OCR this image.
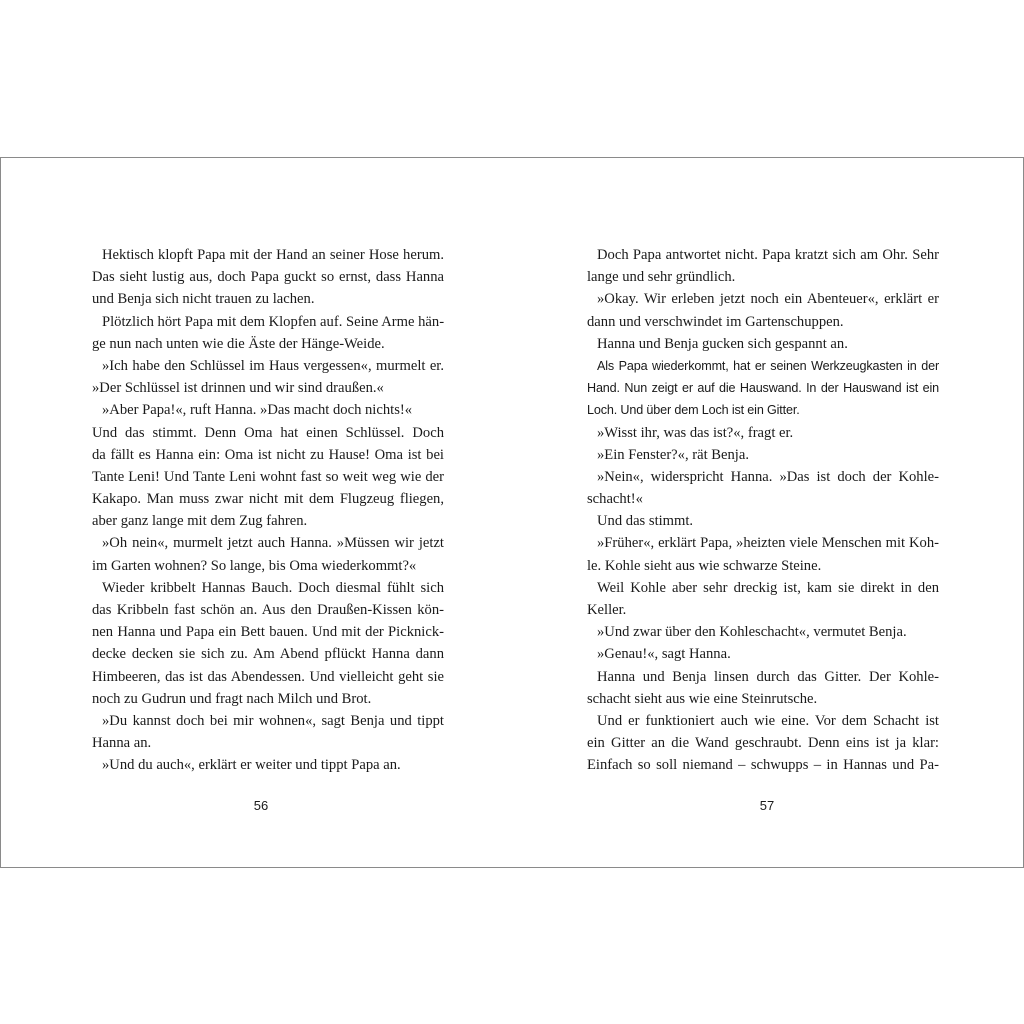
Hektisch klopft Papa mit der Hand an seiner Hose herum.
Das sieht lustig aus, doch Papa guckt so ernst, dass Hanna
und Benja sich nicht trauen zu lachen.
Plötzlich hört Papa mit dem Klopfen auf. Seine Arme hän-
ge nun nach unten wie die Äste der Hänge-Weide.
»Ich habe den Schlüssel im Haus vergessen«, murmelt er.
»Der Schlüssel ist drinnen und wir sind draußen.«
»Aber Papa!«, ruft Hanna. »Das macht doch nichts!«
Und das stimmt. Denn Oma hat einen Schlüssel. Doch
da fällt es Hanna ein: Oma ist nicht zu Hause! Oma ist bei
Tante Leni! Und Tante Leni wohnt fast so weit weg wie der
Kakapo. Man muss zwar nicht mit dem Flugzeug fliegen,
aber ganz lange mit dem Zug fahren.
»Oh nein«, murmelt jetzt auch Hanna. »Müssen wir jetzt
im Garten wohnen? So lange, bis Oma wiederkommt?«
Wieder kribbelt Hannas Bauch. Doch diesmal fühlt sich
das Kribbeln fast schön an. Aus den Draußen-Kissen kön-
nen Hanna und Papa ein Bett bauen. Und mit der Picknick-
decke decken sie sich zu. Am Abend pflückt Hanna dann
Himbeeren, das ist das Abendessen. Und vielleicht geht sie
noch zu Gudrun und fragt nach Milch und Brot.
»Du kannst doch bei mir wohnen«, sagt Benja und tippt
Hanna an.
»Und du auch«, erklärt er weiter und tippt Papa an.
56
Doch Papa antwortet nicht. Papa kratzt sich am Ohr. Sehr
lange und sehr gründlich.
»Okay. Wir erleben jetzt noch ein Abenteuer«, erklärt er
dann und verschwindet im Gartenschuppen.
Hanna und Benja gucken sich gespannt an.
Als Papa wiederkommt, hat er seinen Werkzeugkasten in der
Hand. Nun zeigt er auf die Hauswand. In der Hauswand ist ein
Loch. Und über dem Loch ist ein Gitter.
»Wisst ihr, was das ist?«, fragt er.
»Ein Fenster?«, rät Benja.
»Nein«, widerspricht Hanna. »Das ist doch der Kohle-
schacht!«
Und das stimmt.
»Früher«, erklärt Papa, »heizten viele Menschen mit Koh-
le. Kohle sieht aus wie schwarze Steine.
Weil Kohle aber sehr dreckig ist, kam sie direkt in den
Keller.
»Und zwar über den Kohleschacht«, vermutet Benja.
»Genau!«, sagt Hanna.
Hanna und Benja linsen durch das Gitter. Der Kohle-
schacht sieht aus wie eine Steinrutsche.
Und er funktioniert auch wie eine. Vor dem Schacht ist
ein Gitter an die Wand geschraubt. Denn eins ist ja klar:
Einfach so soll niemand – schwupps – in Hannas und Pa-
57
